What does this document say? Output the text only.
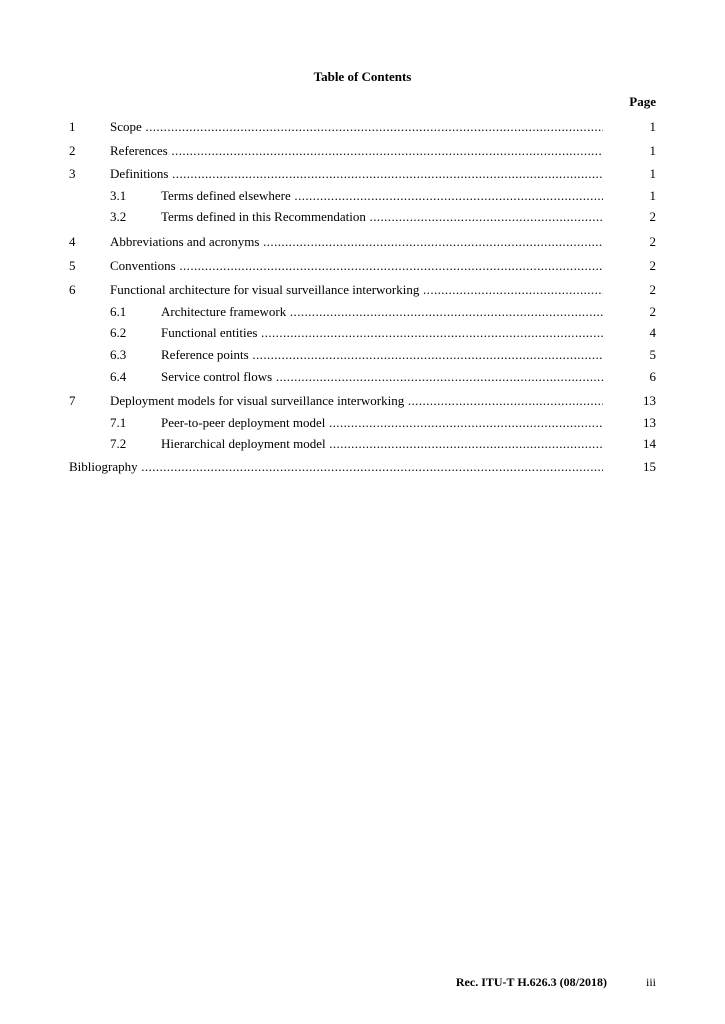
Table of Contents
Page
1	Scope .....	1
2	References .....	1
3	Definitions .....	1
3.1	Terms defined elsewhere .....	1
3.2	Terms defined in this Recommendation .....	2
4	Abbreviations and acronyms .....	2
5	Conventions .....	2
6	Functional architecture for visual surveillance interworking .....	2
6.1	Architecture framework .....	2
6.2	Functional entities .....	4
6.3	Reference points .....	5
6.4	Service control flows .....	6
7	Deployment models for visual surveillance interworking .....	13
7.1	Peer-to-peer deployment model .....	13
7.2	Hierarchical deployment model .....	14
Bibliography .....	15
Rec. ITU-T H.626.3 (08/2018)	iii
